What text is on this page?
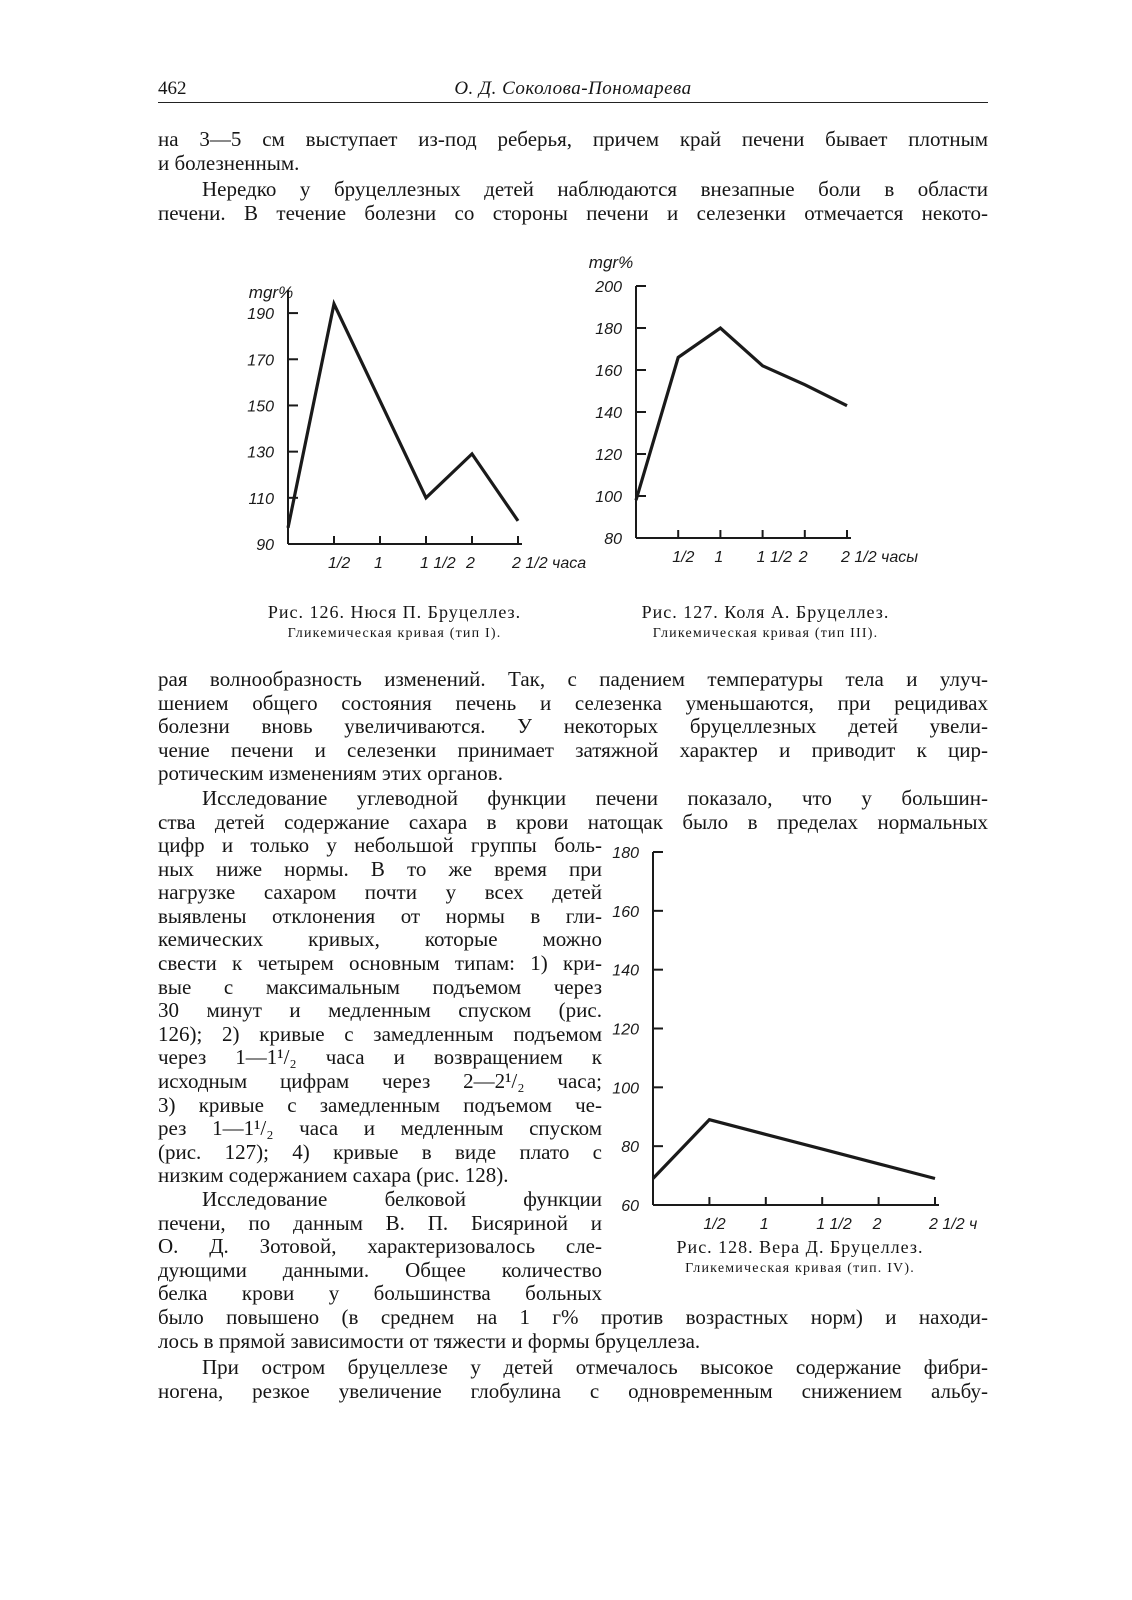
462	О. Д. Соколова-Пономарева

на 3—5 см выступает из-под реберья, причем край печени бывает плотным
и болезненным.

Нередко у бруцеллезных детей наблюдаются внезапные боли в области
печени. В течение болезни со стороны печени и селезенки отмечается некото-

90
110
130
150
170
190
1/2 1 1 1/2 2 2 1/2 часа
mgr%
Рис. 126. Нюся П. Бруцеллез.
Гликемическая кривая (тип I).
80
100
120
140
160
180
200
1/2 1 1 1/2 2 2 1/2 часы
mgr%
Рис. 127. Коля А. Бруцеллез.
Гликемическая кривая (тип III).

рая волнообразность изменений. Так, с падением температуры тела и улуч-
шением общего состояния печень и селезенка уменьшаются, при рецидивах
болезни вновь увеличиваются. У некоторых бруцеллезных детей увели-
чение печени и селезенки принимает затяжной характер и приводит к цир-
ротическим изменениям этих органов.

Исследование углеводной функции печени показало, что у большин-
ства детей содержание сахара в крови натощак было в пределах нормальных

цифр и только у небольшой группы боль-
ных ниже нормы. В то же время при
нагрузке сахаром почти у всех детей
выявлены отклонения от нормы в гли-
кемических кривых, которые можно
свести к четырем основным типам: 1) кри-
вые с максимальным подъемом через
30 минут и медленным спуском (рис.
126); 2) кривые с замедленным подъемом
через 1—1¹/₂ часа и возвращением к
исходным цифрам через 2—2¹/₂ часа;
3) кривые с замедленным подъемом че-
рез 1—1¹/₂ часа и медленным спуском
(рис. 127); 4) кривые в виде плато с
низким содержанием сахара (рис. 128).

Исследование белковой функции
печени, по данным В. П. Бисяриной и
О. Д. Зотовой, характеризовалось сле-
дующими данными. Общее количество
белка крови у большинства больных

60
80
100
120
140
160
180
1/2 1	1 1/2 2	2 1/2 ч
Рис. 128. Вера Д. Бруцеллез.
Гликемическая кривая (тип. IV).

было повышено (в среднем на 1 г% против возрастных норм) и находи-
лось в прямой зависимости от тяжести и формы бруцеллеза.

При остром бруцеллезе у детей отмечалось высокое содержание фибри-
ногена, резкое увеличение глобулина с одновременным снижением альбу-
